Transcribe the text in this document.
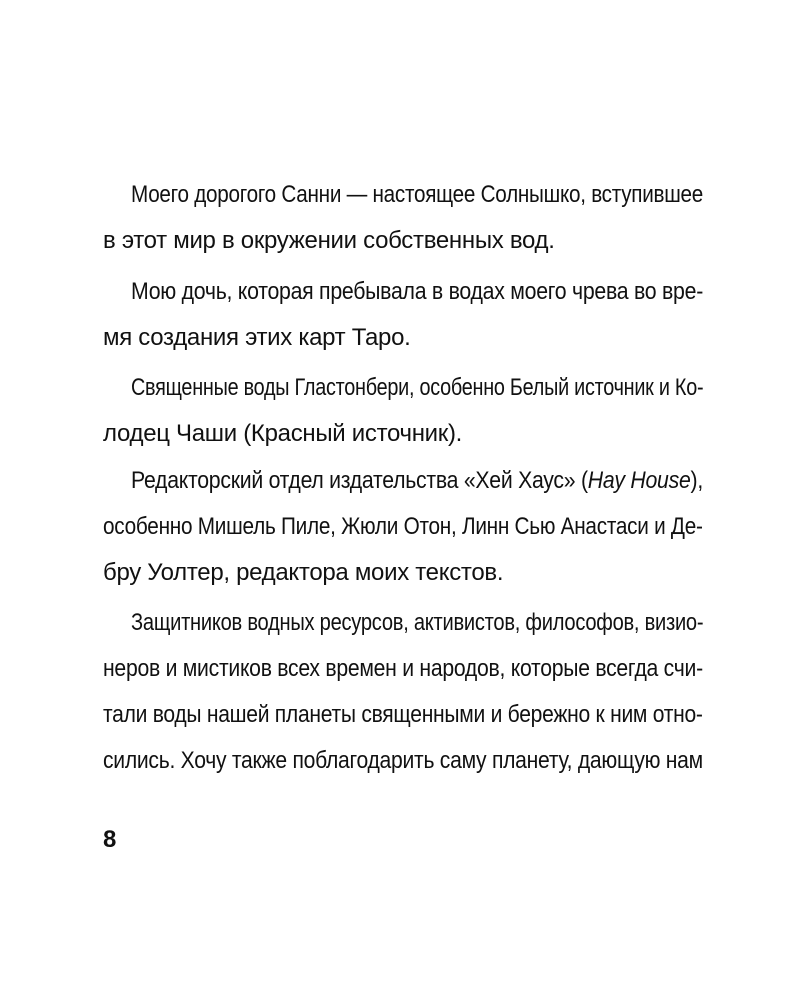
Моего дорогого Санни — настоящее Солнышко, вступившее
в этот мир в окружении собственных вод.
Мою дочь, которая пребывала в водах моего чрева во вре-
мя создания этих карт Таро.
Священные воды Гластонбери, особенно Белый источник и Ко-
лодец Чаши (Красный источник).
Редакторский отдел издательства «Хей Хаус» (Hay House),
особенно Мишель Пиле, Жюли Отон, Линн Сью Анастаси и Де-
бру Уолтер, редактора моих текстов.
Защитников водных ресурсов, активистов, философов, визио-
неров и мистиков всех времен и народов, которые всегда счи-
тали воды нашей планеты священными и бережно к ним отно-
сились. Хочу также поблагодарить саму планету, дающую нам
8
